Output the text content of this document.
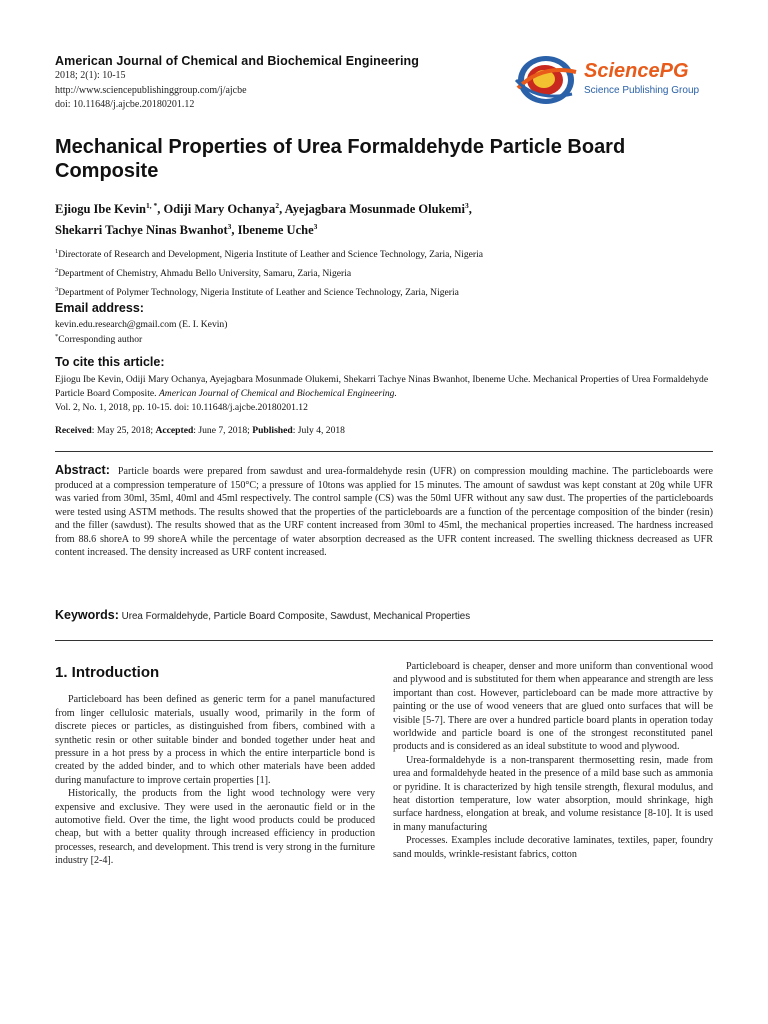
American Journal of Chemical and Biochemical Engineering
2018; 2(1): 10-15
http://www.sciencepublishinggroup.com/j/ajcbe
doi: 10.11648/j.ajcbe.20180201.12
SciencePG
Science Publishing Group
Mechanical Properties of Urea Formaldehyde Particle Board Composite
Ejiogu Ibe Kevin$^{1, *}$, Odiji Mary Ochanya$^2$, Ayejagbara Mosunmade Olukemi$^3$,
Shekarri Tachye Ninas Bwanhot$^3$, Ibeneme Uche$^3$
$^1$Directorate of Research and Development, Nigeria Institute of Leather and Science Technology, Zaria, Nigeria
$^2$Department of Chemistry, Ahmadu Bello University, Samaru, Zaria, Nigeria
$^3$Department of Polymer Technology, Nigeria Institute of Leather and Science Technology, Zaria, Nigeria
Email address:
kevin.edu.research@gmail.com (E. I. Kevin)
*Corresponding author
To cite this article:
Ejiogu Ibe Kevin, Odiji Mary Ochanya, Ayejagbara Mosunmade Olukemi, Shekarri Tachye Ninas Bwanhot, Ibeneme Uche. Mechanical Properties of Urea Formaldehyde Particle Board Composite. American Journal of Chemical and Biochemical Engineering.
Vol. 2, No. 1, 2018, pp. 10-15. doi: 10.11648/j.ajcbe.20180201.12
Received: May 25, 2018; Accepted: June 7, 2018; Published: July 4, 2018
Abstract: Particle boards were prepared from sawdust and urea-formaldehyde resin (UFR) on compression moulding machine. The particleboards were produced at a compression temperature of 150°C; a pressure of 10tons was applied for 15 minutes. The amount of sawdust was kept constant at 20g while UFR was varied from 30ml, 35ml, 40ml and 45ml respectively. The control sample (CS) was the 50ml UFR without any saw dust. The properties of the particleboards were tested using ASTM methods. The results showed that the properties of the particleboards are a function of the percentage composition of the binder (resin) and the filler (sawdust). The results showed that as the URF content increased from 30ml to 45ml, the mechanical properties increased. The hardness increased from 88.6 shoreA to 99 shoreA while the percentage of water absorption decreased as the UFR content increased. The swelling thickness decreased as UFR content increased. The density increased as URF content increased.
Keywords: Urea Formaldehyde, Particle Board Composite, Sawdust, Mechanical Properties
1. Introduction

Particleboard has been defined as generic term for a panel manufactured from linger cellulosic materials, usually wood, primarily in the form of discrete pieces or particles, as distinguished from fibers, combined with a synthetic resin or other suitable binder and bonded together under heat and pressure in a hot press by a process in which the entire interparticle bond is created by the added binder, and to which other materials have been added during manufacture to improve certain properties [1].

Historically, the products from the light wood technology were very expensive and exclusive. They were used in the aeronautic field or in the automotive field. Over the time, the light wood products could be produced cheap, but with a better quality through increased efficiency in production processes, research, and development. This trend is very strong in the furniture industry [2-4].

Particleboard is cheaper, denser and more uniform than conventional wood and plywood and is substituted for them when appearance and strength are less important than cost. However, particleboard can be made more attractive by painting or the use of wood veneers that are glued onto surfaces that will be visible [5-7]. There are over a hundred particle board plants in operation today worldwide and particle board is one of the strongest reconstituted panel products and is considered as an ideal substitute to wood and plywood.

Urea-formaldehyde is a non-transparent thermosetting resin, made from urea and formaldehyde heated in the presence of a mild base such as ammonia or pyridine. It is characterized by high tensile strength, flexural modulus, and heat distortion temperature, low water absorption, mould shrinkage, high surface hardness, elongation at break, and volume resistance [8-10]. It is used in many manufacturing

Processes. Examples include decorative laminates, textiles, paper, foundry sand moulds, wrinkle-resistant fabrics, cotton
